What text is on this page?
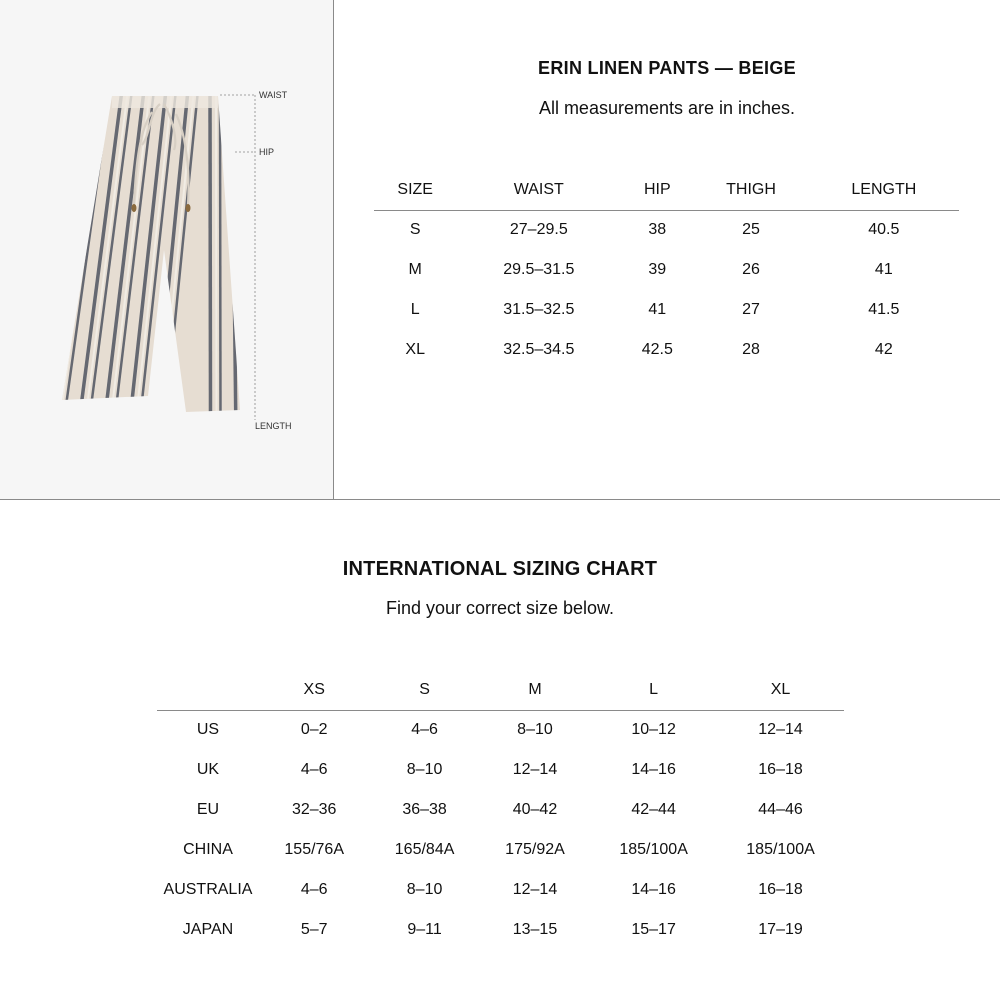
WAIST
HIP
LENGTH
ERIN LINEN PANTS — BEIGE
All measurements are in inches.
SIZE	WAIST	HIP	THIGH	LENGTH
S	27–29.5	38	25	40.5
M	29.5–31.5	39	26	41
L	31.5–32.5	41	27	41.5
XL	32.5–34.5	42.5	28	42
INTERNATIONAL SIZING CHART
Find your correct size below.
	XS	S	M	L	XL
US	0–2	4–6	8–10	10–12	12–14
UK	4–6	8–10	12–14	14–16	16–18
EU	32–36	36–38	40–42	42–44	44–46
CHINA	155/76A	165/84A	175/92A	185/100A	185/100A
AUSTRALIA	4–6	8–10	12–14	14–16	16–18
JAPAN	5–7	9–11	13–15	15–17	17–19
